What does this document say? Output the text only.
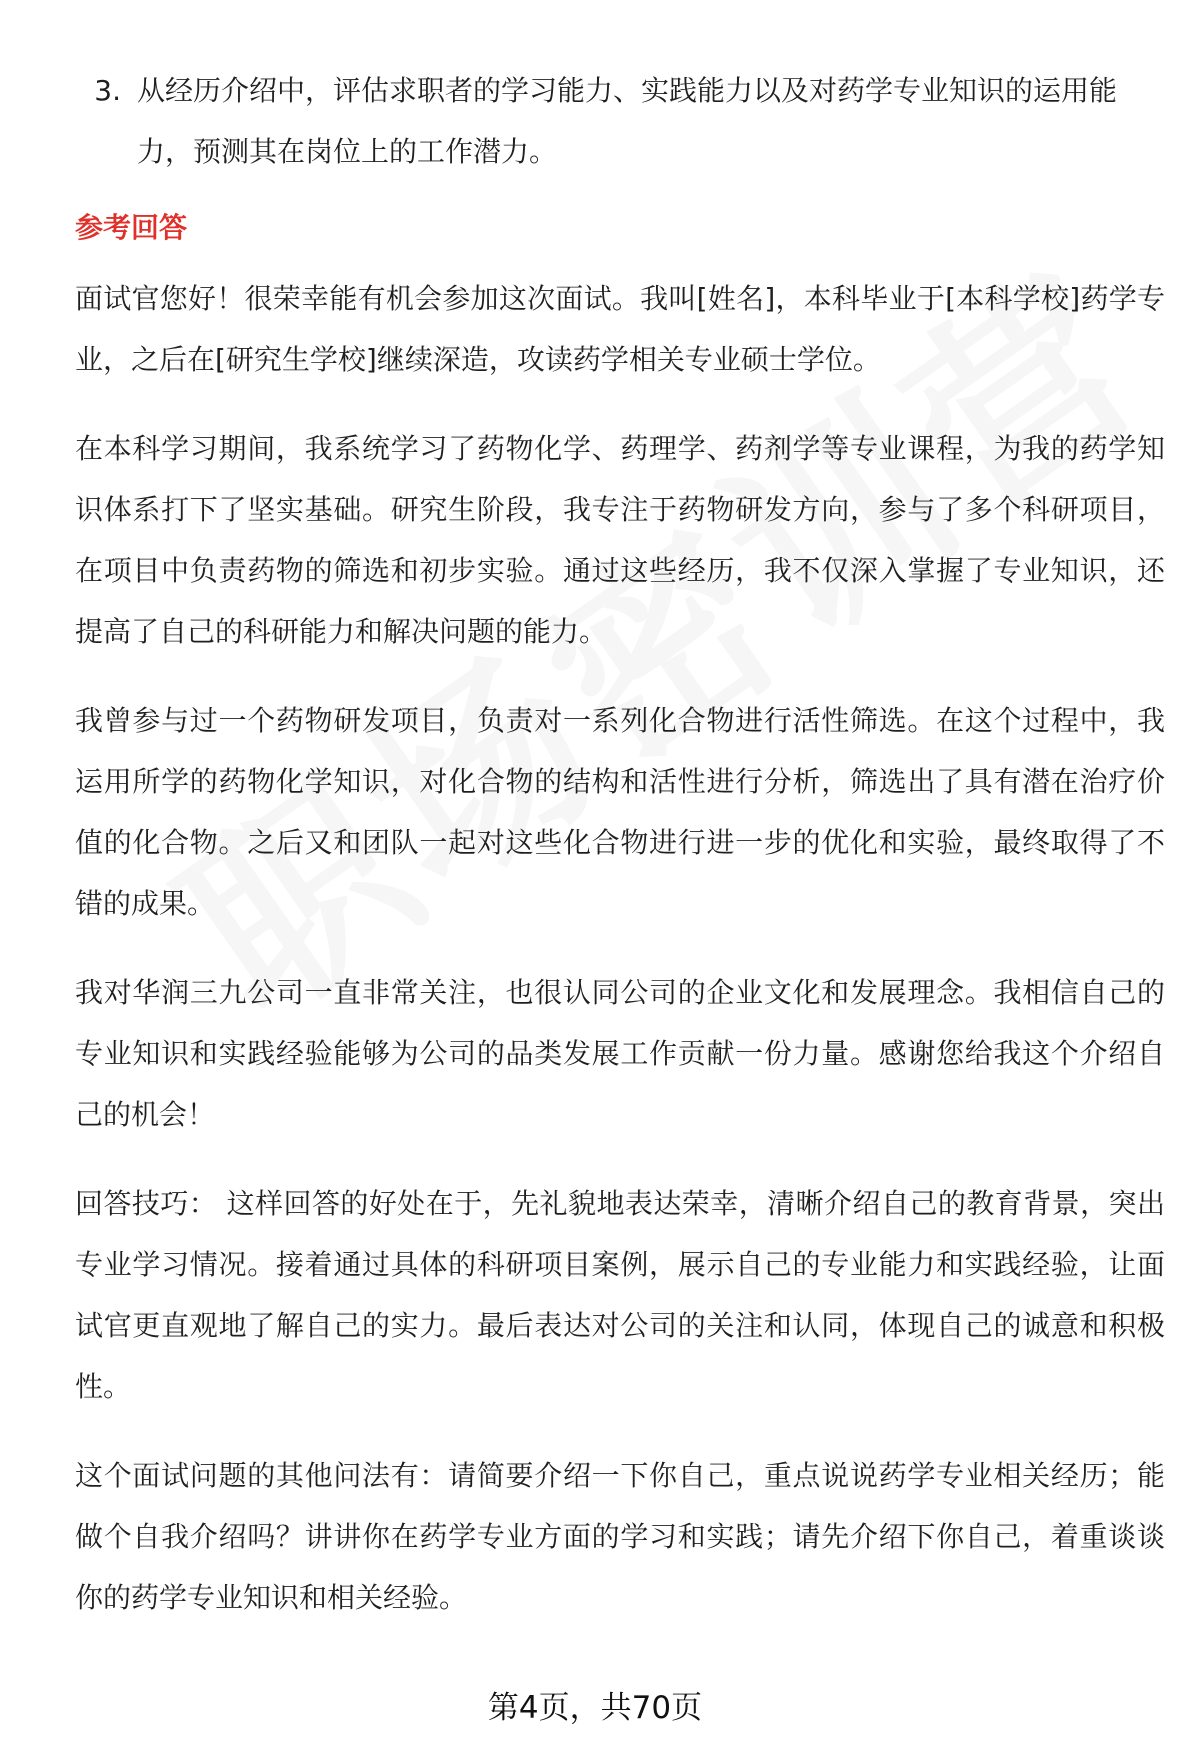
3. 从经历介绍中，评估求职者的学习能力、实践能力以及对药学专业知识的运用能力，预测其在岗位上的工作潜力。
参考回答

面试官您好！很荣幸能有机会参加这次面试。我叫[姓名]，本科毕业于[本科学校]药学专业，之后在[研究生学校]继续深造，攻读药学相关专业硕士学位。

在本科学习期间，我系统学习了药物化学、药理学、药剂学等专业课程，为我的药学知识体系打下了坚实基础。研究生阶段，我专注于药物研发方向，参与了多个科研项目，在项目中负责药物的筛选和初步实验。通过这些经历，我不仅深入掌握了专业知识，还提高了自己的科研能力和解决问题的能力。

我曾参与过一个药物研发项目，负责对一系列化合物进行活性筛选。在这个过程中，我运用所学的药物化学知识，对化合物的结构和活性进行分析，筛选出了具有潜在治疗价值的化合物。之后又和团队一起对这些化合物进行进一步的优化和实验，最终取得了不错的成果。

我对华润三九公司一直非常关注，也很认同公司的企业文化和发展理念。我相信自己的专业知识和实践经验能够为公司的品类发展工作贡献一份力量。感谢您给我这个介绍自己的机会！

回答技巧： 这样回答的好处在于，先礼貌地表达荣幸，清晰介绍自己的教育背景，突出专业学习情况。接着通过具体的科研项目案例，展示自己的专业能力和实践经验，让面试官更直观地了解自己的实力。最后表达对公司的关注和认同，体现自己的诚意和积极性。

这个面试问题的其他问法有：请简要介绍一下你自己，重点说说药学专业相关经历；能做个自我介绍吗？讲讲你在药学专业方面的学习和实践；请先介绍下你自己，着重谈谈你的药学专业知识和相关经验。

第4页，共70页
